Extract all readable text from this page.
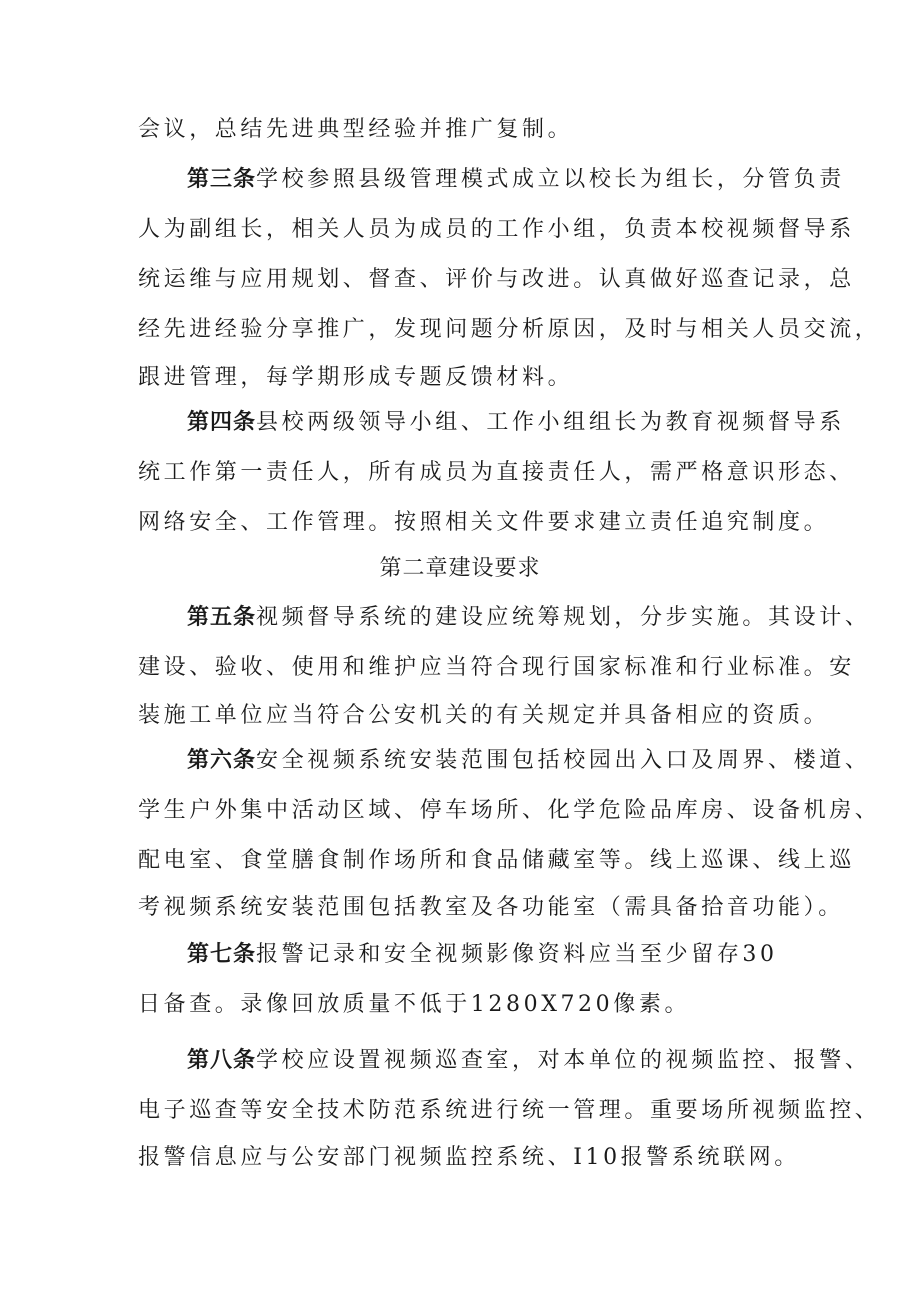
会议，总结先进典型经验并推广复制。
第三条学校参照县级管理模式成立以校长为组长，分管负责
人为副组长，相关人员为成员的工作小组，负责本校视频督导系
统运维与应用规划、督查、评价与改进。认真做好巡查记录，总
经先进经验分享推广，发现问题分析原因，及时与相关人员交流，
跟进管理，每学期形成专题反馈材料。
第四条县校两级领导小组、工作小组组长为教育视频督导系
统工作第一责任人，所有成员为直接责任人，需严格意识形态、
网络安全、工作管理。按照相关文件要求建立责任追究制度。
第二章建设要求
第五条视频督导系统的建设应统筹规划，分步实施。其设计、
建设、验收、使用和维护应当符合现行国家标准和行业标准。安
装施工单位应当符合公安机关的有关规定并具备相应的资质。
第六条安全视频系统安装范围包括校园出入口及周界、楼道、
学生户外集中活动区域、停车场所、化学危险品库房、设备机房、
配电室、食堂膳食制作场所和食品储藏室等。线上巡课、线上巡
考视频系统安装范围包括教室及各功能室（需具备拾音功能）。
第七条报警记录和安全视频影像资料应当至少留存30
日备查。录像回放质量不低于1280X720像素。
第八条学校应设置视频巡查室，对本单位的视频监控、报警、
电子巡查等安全技术防范系统进行统一管理。重要场所视频监控、
报警信息应与公安部门视频监控系统、I10报警系统联网。
